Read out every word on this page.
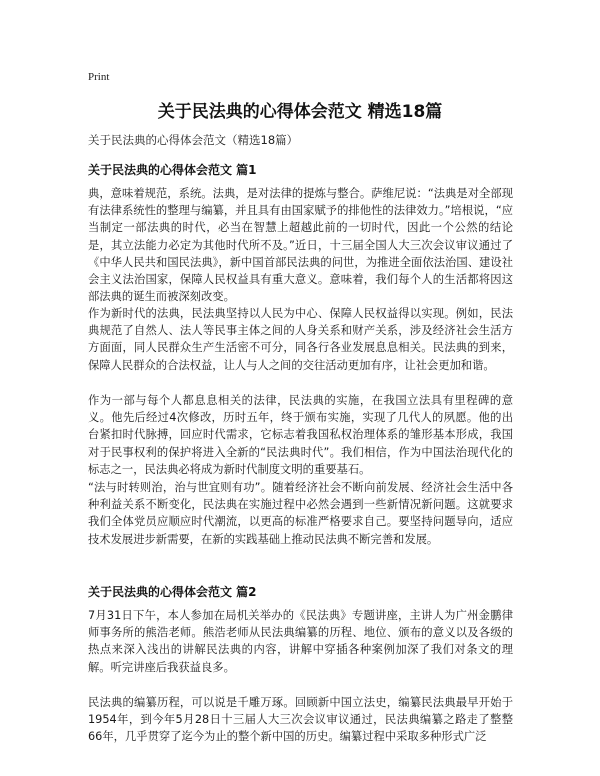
Print
关于民法典的心得体会范文 精选18篇

关于民法典的心得体会范文（精选18篇）

关于民法典的心得体会范文 篇1

典，意味着规范，系统。法典，是对法律的提炼与整合。萨维尼说：“法典是对全部现有法律系统性的整理与编纂，并且具有由国家赋予的排他性的法律效力。”培根说，“应当制定一部法典的时代，必当在智慧上超越此前的一切时代，因此一个公然的结论是，其立法能力必定为其他时代所不及。”近日，十三届全国人大三次会议审议通过了《中华人民共和国民法典》，新中国首部民法典的问世，为推进全面依法治国、建设社会主义法治国家，保障人民权益具有重大意义。意味着，我们每个人的生活都将因这部法典的诞生而被深刻改变。

作为新时代的法典，民法典坚持以人民为中心、保障人民权益得以实现。例如，民法典规范了自然人、法人等民事主体之间的人身关系和财产关系，涉及经济社会生活方方面面，同人民群众生产生活密不可分，同各行各业发展息息相关。民法典的到来，保障人民群众的合法权益，让人与人之间的交往活动更加有序，让社会更加和谐。

作为一部与每个人都息息相关的法律，民法典的实施，在我国立法具有里程碑的意义。他先后经过4次修改，历时五年，终于颁布实施，实现了几代人的夙愿。他的出台紧扣时代脉搏，回应时代需求，它标志着我国私权治理体系的雏形基本形成，我国对于民事权利的保护将进入全新的“民法典时代”。我们相信，作为中国法治现代化的标志之一，民法典必将成为新时代制度文明的重要基石。

“法与时转则治，治与世宜则有功”。随着经济社会不断向前发展、经济社会生活中各种利益关系不断变化，民法典在实施过程中必然会遇到一些新情况新问题。这就要求我们全体党员应顺应时代潮流，以更高的标准严格要求自己。要坚持问题导向，适应技术发展进步新需要，在新的实践基础上推动民法典不断完善和发展。

关于民法典的心得体会范文 篇2

7月31日下午，本人参加在局机关举办的《民法典》专题讲座，主讲人为广州金鹏律师事务所的熊浩老师。熊浩老师从民法典编纂的历程、地位、颁布的意义以及各级的热点来深入浅出的讲解民法典的内容，讲解中穿插各种案例加深了我们对条文的理解。听完讲座后我获益良多。

民法典的编纂历程，可以说是千雕万琢。回顾新中国立法史，编纂民法典最早开始于1954年，到今年5月28日十三届人大三次会议审议通过，民法典编纂之路走了整整66年，几乎贯穿了迄今为止的整个新中国的历史。编纂过程中采取多种形式广泛
